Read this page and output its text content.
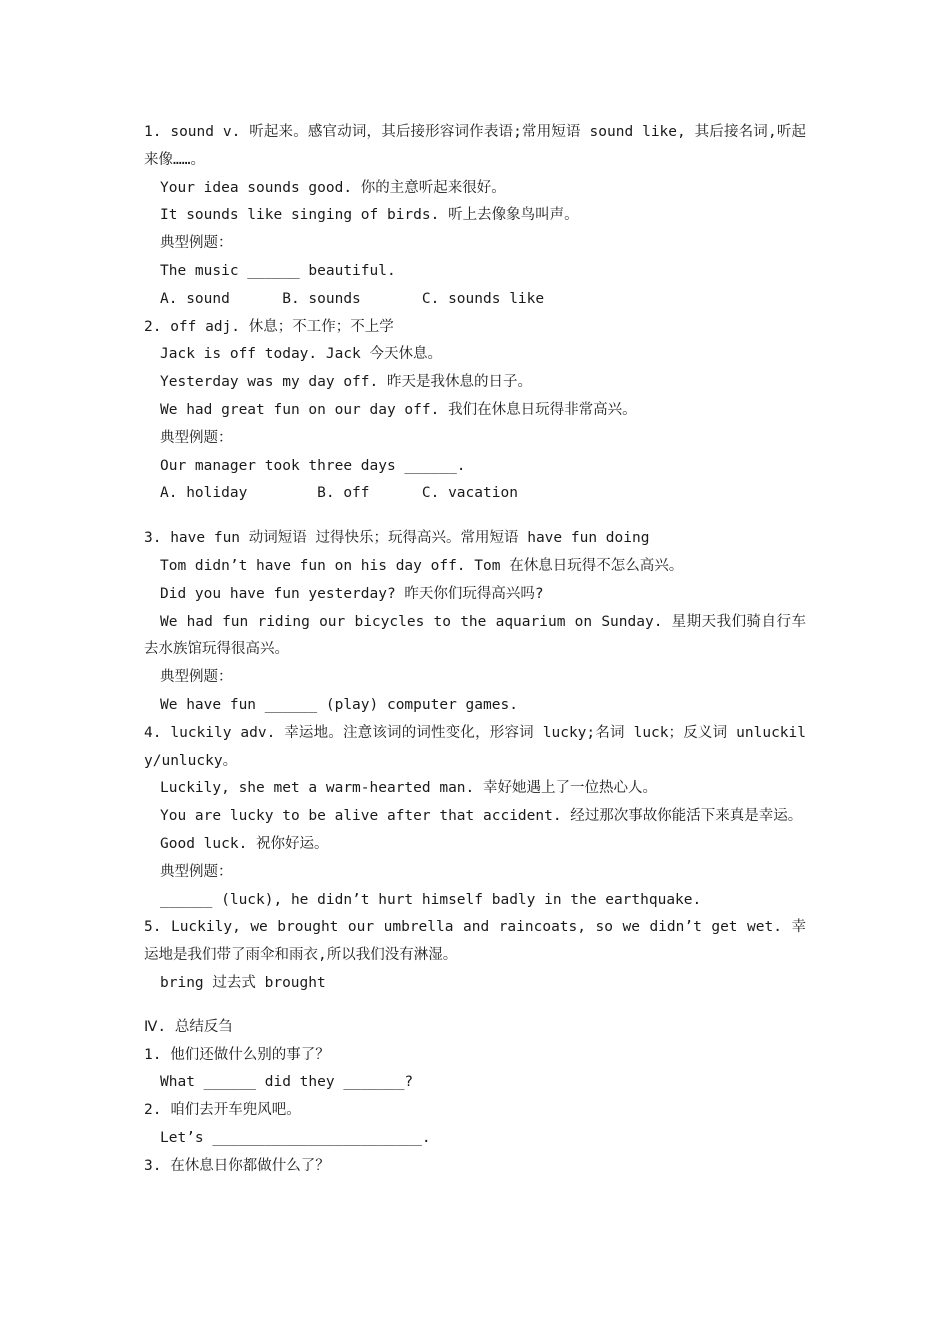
1. sound v. 听起来。感官动词，其后接形容词作表语;常用短语 sound like, 其后接名词,听起来像……。

Your idea sounds good. 你的主意听起来很好。

It sounds like singing of birds. 听上去像象鸟叫声。

典型例题：

The music ______ beautiful.

A. sound      B. sounds       C. sounds like

2. off adj. 休息；不工作；不上学

Jack is off today. Jack 今天休息。

Yesterday was my day off. 昨天是我休息的日子。

We had great fun on our day off. 我们在休息日玩得非常高兴。

典型例题：

Our manager took three days ______.

A. holiday        B. off      C. vacation

3. have fun 动词短语 过得快乐；玩得高兴。常用短语 have fun doing

Tom didn’t have fun on his day off. Tom 在休息日玩得不怎么高兴。

Did you have fun yesterday? 昨天你们玩得高兴吗?

We had fun riding our bicycles to the aquarium on Sunday. 星期天我们骑自行车去水族馆玩得很高兴。

典型例题：

We have fun ______ (play) computer games.

4. luckily adv. 幸运地。注意该词的词性变化，形容词 lucky;名词 luck；反义词 unluckily/unlucky。

Luckily, she met a warm-hearted man. 幸好她遇上了一位热心人。

You are lucky to be alive after that accident. 经过那次事故你能活下来真是幸运。

Good luck. 祝你好运。

典型例题：

______ (luck), he didn’t hurt himself badly in the earthquake.

5. Luckily, we brought our umbrella and raincoats, so we didn’t get wet. 幸运地是我们带了雨伞和雨衣,所以我们没有淋湿。

bring 过去式 brought

Ⅳ. 总结反刍

1. 他们还做什么别的事了？

What ______ did they _______?

2. 咱们去开车兜风吧。

Let’s ________________________.

3. 在休息日你都做什么了？
